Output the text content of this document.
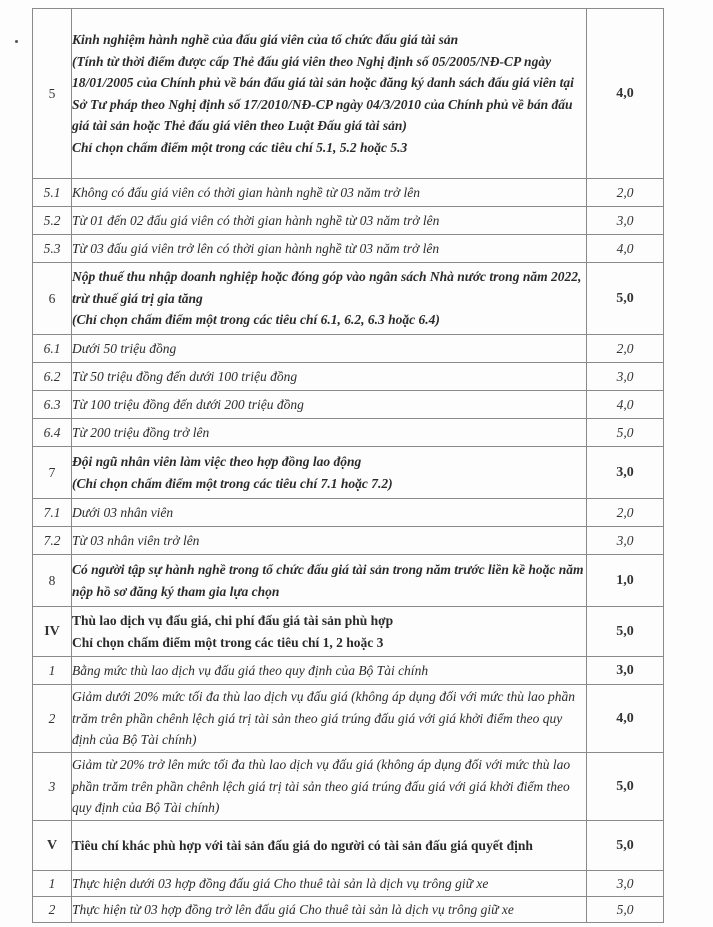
5	Kinh nghiệm hành nghề của đấu giá viên của tổ chức đấu giá tài sản
(Tính từ thời điểm được cấp Thẻ đấu giá viên theo Nghị định số 05/2005/NĐ-CP ngày 18/01/2005 của Chính phủ về bán đấu giá tài sản hoặc đăng ký danh sách đấu giá viên tại Sở Tư pháp theo Nghị định số 17/2010/NĐ-CP ngày 04/3/2010 của Chính phủ về bán đấu giá tài sản hoặc Thẻ đấu giá viên theo Luật Đấu giá tài sản)
Chỉ chọn chấm điểm một trong các tiêu chí 5.1, 5.2 hoặc 5.3	4,0
5.1	Không có đấu giá viên có thời gian hành nghề từ 03 năm trở lên	2,0
5.2	Từ 01 đến 02 đấu giá viên có thời gian hành nghề từ 03 năm trở lên	3,0
5.3	Từ 03 đấu giá viên trở lên có thời gian hành nghề từ 03 năm trở lên	4,0
6	Nộp thuế thu nhập doanh nghiệp hoặc đóng góp vào ngân sách Nhà nước trong năm 2022, trừ thuế giá trị gia tăng
(Chỉ chọn chấm điểm một trong các tiêu chí 6.1, 6.2, 6.3 hoặc 6.4)	5,0
6.1	Dưới 50 triệu đồng	2,0
6.2	Từ 50 triệu đồng đến dưới 100 triệu đồng	3,0
6.3	Từ 100 triệu đồng đến dưới 200 triệu đồng	4,0
6.4	Từ 200 triệu đồng trở lên	5,0
7	Đội ngũ nhân viên làm việc theo hợp đồng lao động
(Chỉ chọn chấm điểm một trong các tiêu chí 7.1 hoặc 7.2)	3,0
7.1	Dưới 03 nhân viên	2,0
7.2	Từ 03 nhân viên trở lên	3,0
8	Có người tập sự hành nghề trong tổ chức đấu giá tài sản trong năm trước liền kề hoặc năm nộp hồ sơ đăng ký tham gia lựa chọn	1,0
IV	Thù lao dịch vụ đấu giá, chi phí đấu giá tài sản phù hợp
Chỉ chọn chấm điểm một trong các tiêu chí 1, 2 hoặc 3	5,0
1	Bằng mức thù lao dịch vụ đấu giá theo quy định của Bộ Tài chính	3,0
2	Giảm dưới 20% mức tối đa thù lao dịch vụ đấu giá (không áp dụng đối với mức thù lao phần trăm trên phần chênh lệch giá trị tài sản theo giá trúng đấu giá với giá khởi điểm theo quy định của Bộ Tài chính)	4,0
3	Giảm từ 20% trở lên mức tối đa thù lao dịch vụ đấu giá (không áp dụng đối với mức thù lao phần trăm trên phần chênh lệch giá trị tài sản theo giá trúng đấu giá với giá khởi điểm theo quy định của Bộ Tài chính)	5,0
V	Tiêu chí khác phù hợp với tài sản đấu giá do người có tài sản đấu giá quyết định	5,0
1	Thực hiện dưới 03 hợp đồng đấu giá Cho thuê tài sản là dịch vụ trông giữ xe	3,0
2	Thực hiện từ 03 hợp đồng trở lên đấu giá Cho thuê tài sản là dịch vụ trông giữ xe	5,0
